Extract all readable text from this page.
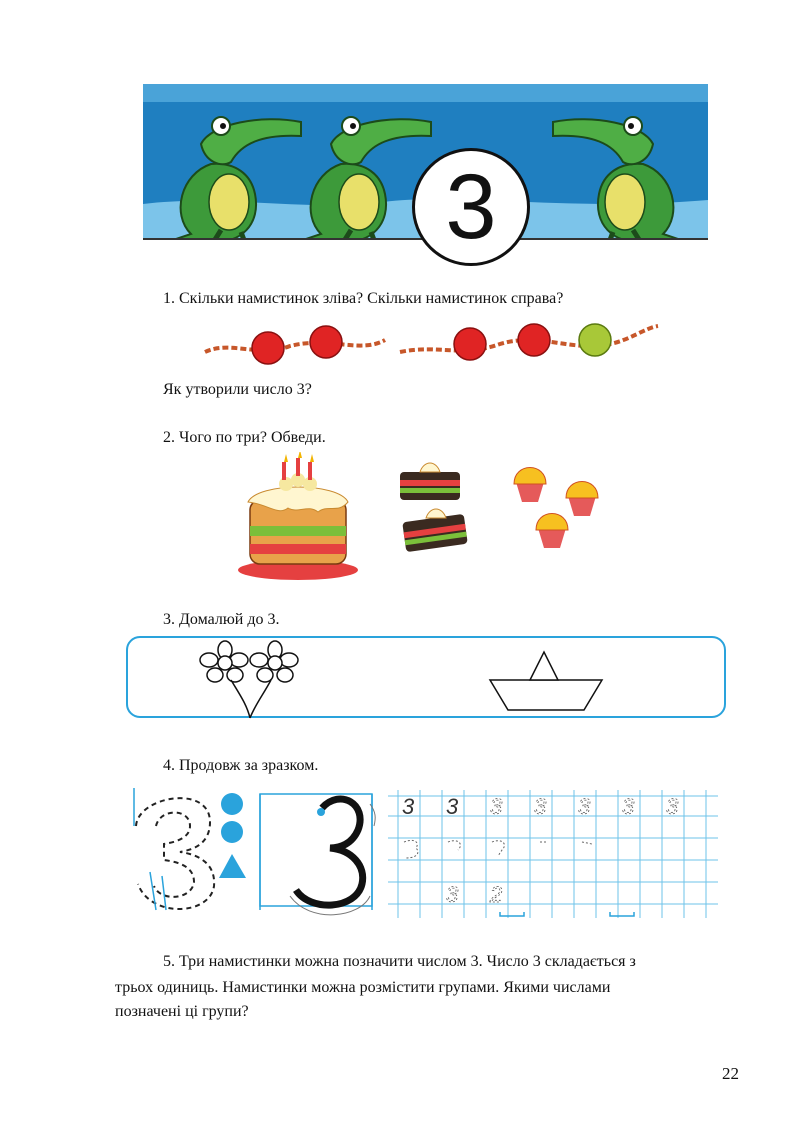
3
1. Скільки намистинок зліва? Скільки намистинок справа?
Як утворили число 3?
2. Чого по три? Обведи.
3. Домалюй до 3.
4. Продовж за зразком.
3 3 3 3 3 3 3
3 2
5. Три намистинки можна позначити числом 3. Число 3 складається з
трьох одиниць. Намистинки можна розмістити групами. Якими числами
позначені ці групи?
22
